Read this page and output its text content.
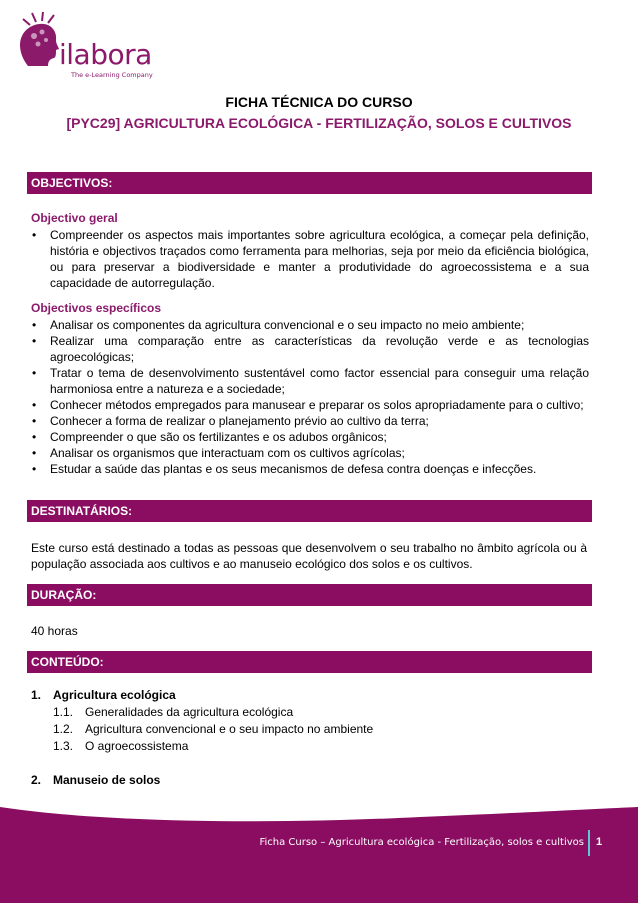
ilabora
The e-Learning Company
FICHA TÉCNICA DO CURSO
[PYC29] AGRICULTURA ECOLÓGICA - FERTILIZAÇÃO, SOLOS E CULTIVOS
OBJECTIVOS:
Objectivo geral
• Compreender os aspectos mais importantes sobre agricultura ecológica, a começar pela definição, história e objectivos traçados como ferramenta para melhorias, seja por meio da eficiência biológica, ou para preservar a biodiversidade e manter a produtividade do agroecossistema e a sua capacidade de autorregulação.
Objectivos específicos
• Analisar os componentes da agricultura convencional e o seu impacto no meio ambiente;
• Realizar uma comparação entre as características da revolução verde e as tecnologias agroecológicas;
• Tratar o tema de desenvolvimento sustentável como factor essencial para conseguir uma relação harmoniosa entre a natureza e a sociedade;
• Conhecer métodos empregados para manusear e preparar os solos apropriadamente para o cultivo;
• Conhecer a forma de realizar o planejamento prévio ao cultivo da terra;
• Compreender o que são os fertilizantes e os adubos orgânicos;
• Analisar os organismos que interactuam com os cultivos agrícolas;
• Estudar a saúde das plantas e os seus mecanismos de defesa contra doenças e infecções.
DESTINATÁRIOS:
Este curso está destinado a todas as pessoas que desenvolvem o seu trabalho no âmbito agrícola ou à população associada aos cultivos e ao manuseio ecológico dos solos e os cultivos.
DURAÇÃO:
40 horas
CONTEÚDO:
1. Agricultura ecológica
1.1. Generalidades da agricultura ecológica
1.2. Agricultura convencional e o seu impacto no ambiente
1.3. O agroecossistema
2. Manuseio de solos
Ficha Curso – Agricultura ecológica - Fertilização, solos e cultivos 1
